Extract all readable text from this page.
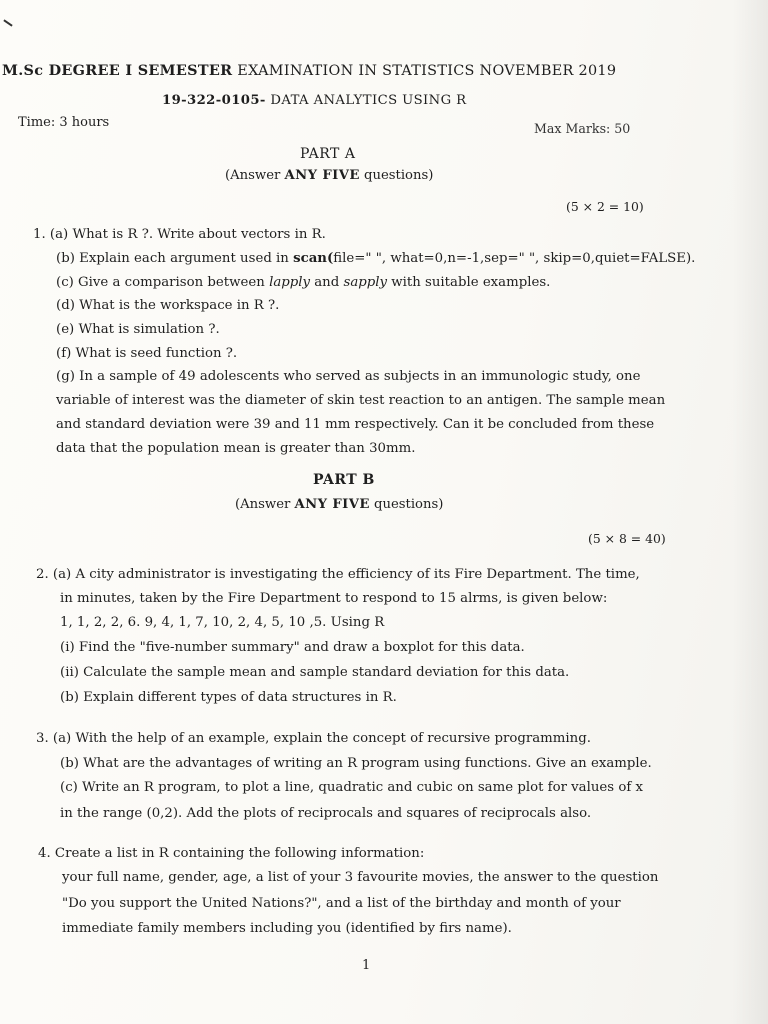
M.Sc DEGREE I SEMESTER EXAMINATION IN STATISTICS NOVEMBER 2019
19-322-0105- DATA ANALYTICS USING R
Time: 3 hours	Max Marks: 50
PART A
(Answer ANY FIVE questions)
(5 × 2 = 10)
1. (a) What is R ?. Write about vectors in R.
(b) Explain each argument used in scan(file=" ", what=0,n=-1,sep=" ", skip=0,quiet=FALSE).
(c) Give a comparison between lapply and sapply with suitable examples.
(d) What is the workspace in R ?.
(e) What is simulation ?.
(f) What is seed function ?.
(g) In a sample of 49 adolescents who served as subjects in an immunologic study, one
variable of interest was the diameter of skin test reaction to an antigen. The sample mean
and standard deviation were 39 and 11 mm respectively. Can it be concluded from these
data that the population mean is greater than 30mm.
PART B
(Answer ANY FIVE questions)
(5 × 8 = 40)
2. (a) A city administrator is investigating the efficiency of its Fire Department. The time,
in minutes, taken by the Fire Department to respond to 15 alrms, is given below:
1, 1, 2, 2, 6. 9, 4, 1, 7, 10, 2, 4, 5, 10 ,5. Using R
(i) Find the "five-number summary" and draw a boxplot for this data.
(ii) Calculate the sample mean and sample standard deviation for this data.
(b) Explain different types of data structures in R.
3. (a) With the help of an example, explain the concept of recursive programming.
(b) What are the advantages of writing an R program using functions. Give an example.
(c) Write an R program, to plot a line, quadratic and cubic on same plot for values of x
in the range (0,2). Add the plots of reciprocals and squares of reciprocals also.
4. Create a list in R containing the following information:
your full name, gender, age, a list of your 3 favourite movies, the answer to the question
"Do you support the United Nations?", and a list of the birthday and month of your
immediate family members including you (identified by firs name).
1
